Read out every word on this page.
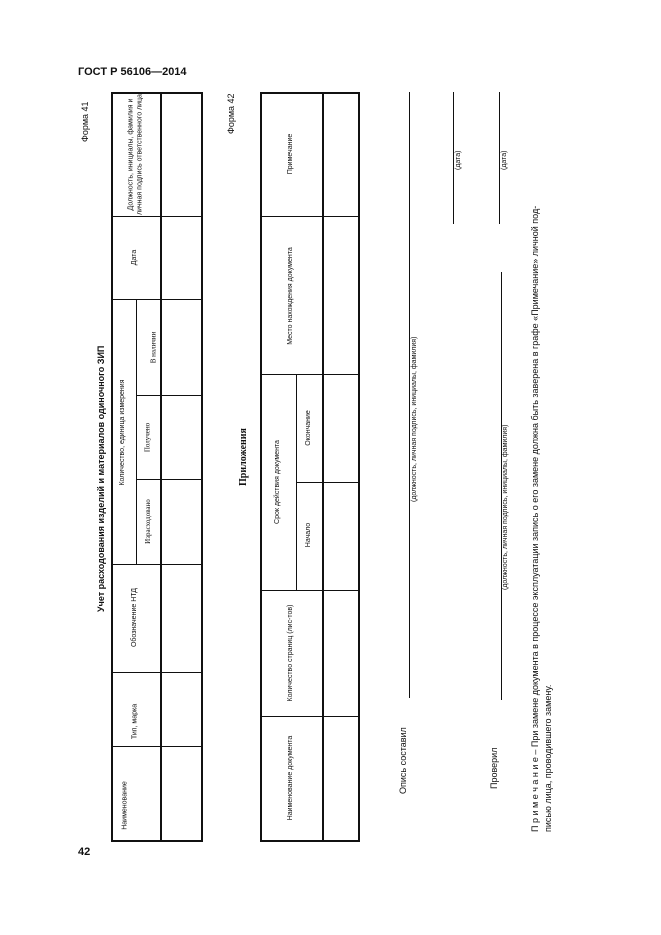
ГОСТ Р 56106—2014
42
Форма 41
Учет расходования изделий и материалов одиночного ЗИП
Наименование
Тип, марка
Обозначение НТД
Количество, единица измерения
Израсходовано
Получено
В наличии
Дата
Должность, инициалы, фамилия и личная подпись ответственного лица	Форма 42
Приложения
Наименование документа
Количество страниц (лис-тов)
Срок действия документа
Начало
Окончание
Место нахождения документа
Примечание
Опись составил
(должность, личная подпись, инициалы, фамилия)
(дата)
Проверил
(должность, личная подпись, инициалы, фамилия)
(дата)
П р и м е ч а н и е – При замене документа в процессе эксплуатации запись о его замене должна быть заверена в графе «Примечание» личной под-
писью лица, проводившего замену.
